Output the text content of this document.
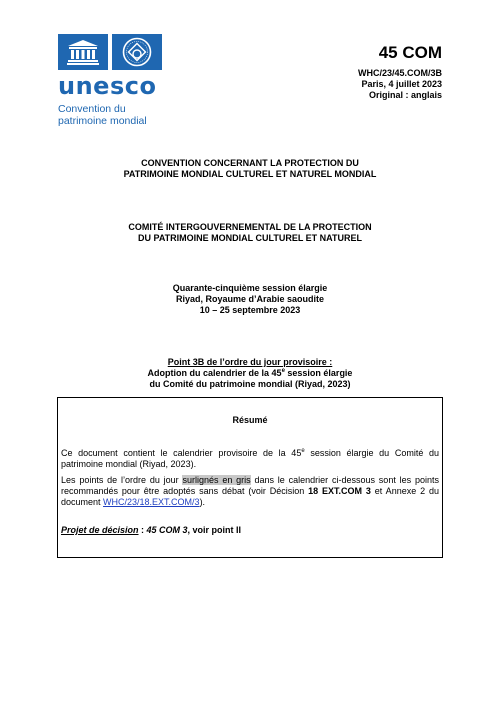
unesco
Convention du
patrimoine mondial
45 COM
WHC/23/45.COM/3B
Paris, 4 juillet 2023
Original : anglais
CONVENTION CONCERNANT LA PROTECTION DU
PATRIMOINE MONDIAL CULTUREL ET NATUREL MONDIAL
COMITÉ INTERGOUVERNEMENTAL DE LA PROTECTION
DU PATRIMOINE MONDIAL CULTUREL ET NATUREL
Quarante-cinquième session élargie
Riyad, Royaume d’Arabie saoudite
10 – 25 septembre 2023
Point 3B de l’ordre du jour provisoire :
Adoption du calendrier de la 45e session élargie
du Comité du patrimoine mondial (Riyad, 2023)
Résumé
Ce document contient le calendrier provisoire de la 45e session élargie du Comité du patrimoine mondial (Riyad, 2023).
Les points de l’ordre du jour surlignés en gris dans le calendrier ci-dessous sont les points recommandés pour être adoptés sans débat (voir Décision 18 EXT.COM 3 et Annexe 2 du document WHC/23/18.EXT.COM/3).
Projet de décision : 45 COM 3, voir point II
